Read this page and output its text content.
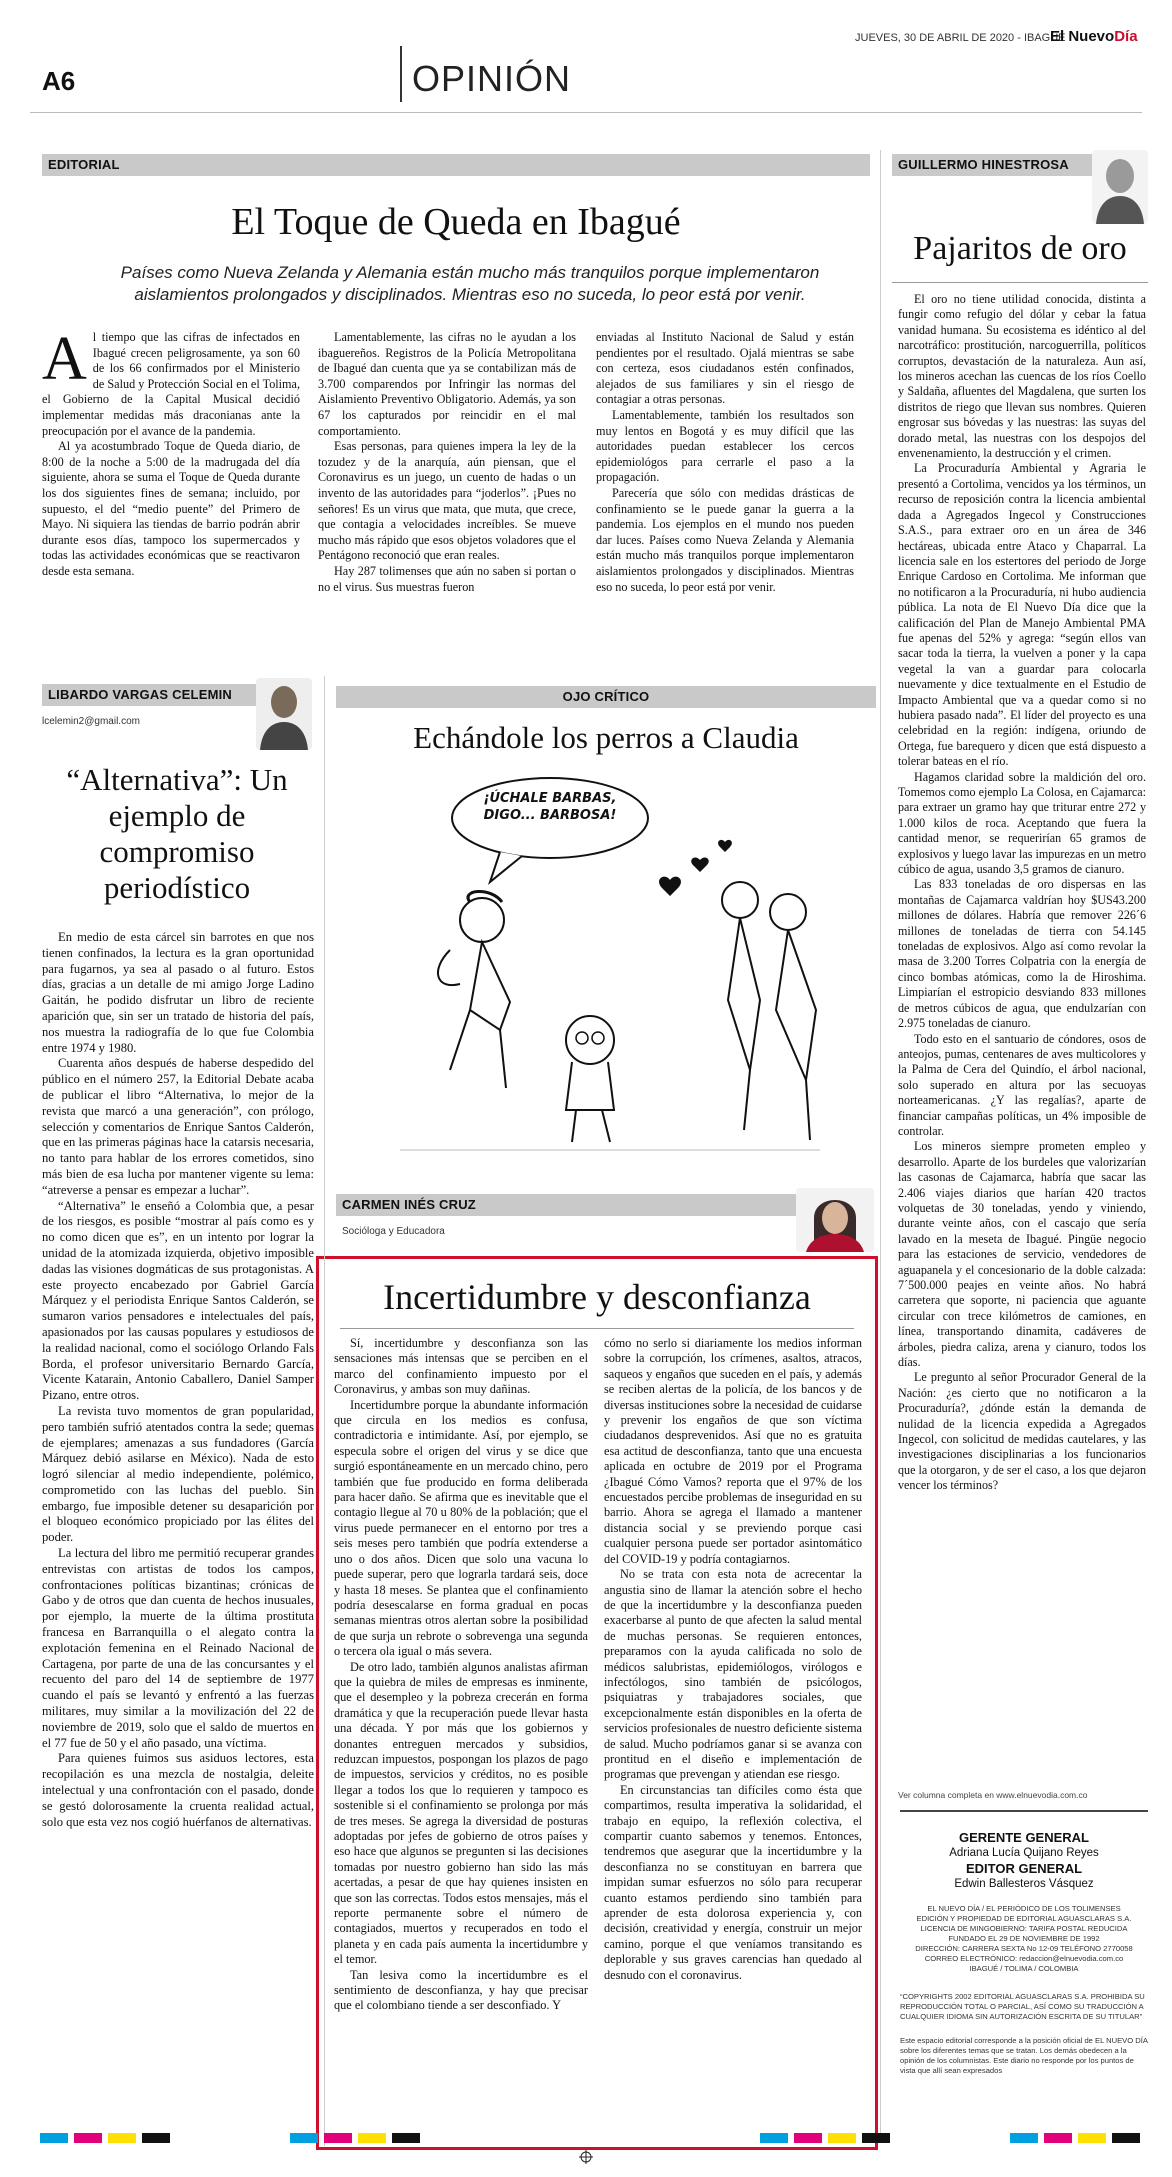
JUEVES, 30 DE ABRIL DE 2020 - IBAGUÉ
El NuevoDía
A6	OPINIÓN
EDITORIAL
El Toque de Queda en Ibagué
Países como Nueva Zelanda y Alemania están mucho más tranquilos porque implementaron aislamientos prolongados y disciplinados. Mientras eso no suceda, lo peor está por venir.

Al tiempo que las cifras de infectados en Ibagué crecen peligrosamente, ya son 60 de los 66 confirmados por el Ministerio de Salud y Protección Social en el Tolima, el Gobierno de la Capital Musical decidió implementar medidas más draconianas ante la preocupación por el avance de la pandemia.

Al ya acostumbrado Toque de Queda diario, de 8:00 de la noche a 5:00 de la madrugada del día siguiente, ahora se suma el Toque de Queda durante los dos siguientes fines de semana; incluido, por supuesto, el del “medio puente” del Primero de Mayo. Ni siquiera las tiendas de barrio podrán abrir durante esos días, tampoco los supermercados y todas las actividades económicas que se reactivaron desde esta semana.

Lamentablemente, las cifras no le ayudan a los ibaguereños. Registros de la Policía Metropolitana de Ibagué dan cuenta que ya se contabilizan más de 3.700 comparendos por Infringir las normas del Aislamiento Preventivo Obligatorio. Además, ya son 67 los capturados por reincidir en el mal comportamiento.

Esas personas, para quienes impera la ley de la tozudez y de la anarquía, aún piensan, que el Coronavirus es un juego, un cuento de hadas o un invento de las autoridades para “joderlos”. ¡Pues no señores! Es un virus que mata, que muta, que crece, que contagia a velocidades increíbles. Se mueve mucho más rápido que esos objetos voladores que el Pentágono reconoció que eran reales.

Hay 287 tolimenses que aún no saben si portan o no el virus. Sus muestras fueron

enviadas al Instituto Nacional de Salud y están pendientes por el resultado. Ojalá mientras se sabe con certeza, esos ciudadanos estén confinados, alejados de sus familiares y sin el riesgo de contagiar a otras personas.

Lamentablemente, también los resultados son muy lentos en Bogotá y es muy difícil que las autoridades puedan establecer los cercos epidemiológos para cerrarle el paso a la propagación.

Parecería que sólo con medidas drásticas de confinamiento se le puede ganar la guerra a la pandemia. Los ejemplos en el mundo nos pueden dar luces. Países como Nueva Zelanda y Alemania están mucho más tranquilos porque implementaron aislamientos prolongados y disciplinados. Mientras eso no suceda, lo peor está por venir.

GUILLERMO HINESTROSA
Pajaritos de oro

El oro no tiene utilidad conocida, distinta a fungir como refugio del dólar y cebar la fatua vanidad humana. Su ecosistema es idéntico al del narcotráfico: prostitución, narcoguerrilla, políticos corruptos, devastación de la naturaleza. Aun así, los mineros acechan las cuencas de los ríos Coello y Saldaña, afluentes del Magdalena, que surten los distritos de riego que llevan sus nombres. Quieren engrosar sus bóvedas y las nuestras: las suyas del dorado metal, las nuestras con los despojos del envenenamiento, la destrucción y el crimen.

La Procuraduría Ambiental y Agraria le presentó a Cortolima, vencidos ya los términos, un recurso de reposición contra la licencia ambiental dada a Agregados Ingecol y Construcciones S.A.S., para extraer oro en un área de 346 hectáreas, ubicada entre Ataco y Chaparral. La licencia sale en los estertores del periodo de Jorge Enrique Cardoso en Cortolima. Me informan que no notificaron a la Procuraduría, ni hubo audiencia pública. La nota de El Nuevo Día dice que la calificación del Plan de Manejo Ambiental PMA fue apenas del 52% y agrega: “según ellos van sacar toda la tierra, la vuelven a poner y la capa vegetal la van a guardar para colocarla nuevamente y dice textualmente en el Estudio de Impacto Ambiental que va a quedar como si no hubiera pasado nada”. El líder del proyecto es una celebridad en la región: indígena, oriundo de Ortega, fue barequero y dicen que está dispuesto a tolerar bateas en el río.

Hagamos claridad sobre la maldición del oro. Tomemos como ejemplo La Colosa, en Cajamarca: para extraer un gramo hay que triturar entre 272 y 1.000 kilos de roca. Aceptando que fuera la cantidad menor, se requerirían 65 gramos de explosivos y luego lavar las impurezas en un metro cúbico de agua, usando 3,5 gramos de cianuro.

Las 833 toneladas de oro dispersas en las montañas de Cajamarca valdrían hoy $US43.200 millones de dólares. Habría que remover 226´6 millones de toneladas de tierra con 54.145 toneladas de explosivos. Algo así como revolar la masa de 3.200 Torres Colpatria con la energía de cinco bombas atómicas, como la de Hiroshima. Limpiarían el estropicio desviando 833 millones de metros cúbicos de agua, que endulzarían con 2.975 toneladas de cianuro.

Todo esto en el santuario de cóndores, osos de anteojos, pumas, centenares de aves multicolores y la Palma de Cera del Quindío, el árbol nacional, solo superado en altura por las secuoyas norteamericanas. ¿Y las regalías?, aparte de financiar campañas políticas, un 4% imposible de controlar.

Los mineros siempre prometen empleo y desarrollo. Aparte de los burdeles que valorizarían las casonas de Cajamarca, habría que sacar las 2.406 viajes diarios que harían 420 tractos volquetas de 30 toneladas, yendo y viniendo, durante veinte años, con el cascajo que sería lavado en la meseta de Ibagué. Pingüe negocio para las estaciones de servicio, vendedores de aguapanela y el concesionario de la doble calzada: 7´500.000 peajes en veinte años. No habrá carretera que soporte, ni paciencia que aguante circular con trece kilómetros de camiones, en línea, transportando dinamita, cadáveres de árboles, piedra caliza, arena y cianuro, todos los días.

Le pregunto al señor Procurador General de la Nación: ¿es cierto que no notificaron a la Procuraduría?, ¿dónde están la demanda de nulidad de la licencia expedida a Agregados Ingecol, con solicitud de medidas cautelares, y las investigaciones disciplinarias a los funcionarios que la otorgaron, y de ser el caso, a los que dejaron vencer los términos?

Ver columna completa en www.elnuevodia.com.co
GERENTE GENERAL
Adriana Lucía Quijano Reyes
EDITOR GENERAL
Edwin Ballesteros Vásquez
EL NUEVO DÍA / EL PERIÓDICO DE LOS TOLIMENSES
EDICIÓN Y PROPIEDAD DE EDITORIAL AGUASCLARAS S.A.
LICENCIA DE MINGOBIERNO: TARIFA POSTAL REDUCIDA
FUNDADO EL 29 DE NOVIEMBRE DE 1992
DIRECCIÓN: CARRERA SEXTA No 12-09 TELÉFONO 2770058
CORREO ELECTRÓNICO: redaccion@elnuevodia.com.co
IBAGUÉ / TOLIMA / COLOMBIA
“COPYRIGHTS 2002 EDITORIAL AGUASCLARAS S.A. PROHIBIDA SU REPRODUCCIÓN TOTAL O PARCIAL, ASÍ COMO SU TRADUCCIÓN A CUALQUIER IDIOMA SIN AUTORIZACIÓN ESCRITA DE SU TITULAR”
Este espacio editorial corresponde a la posición oficial de EL NUEVO DÍA sobre los diferentes temas que se tratan. Los demás obedecen a la opinión de los columnistas. Este diario no responde por los puntos de vista que allí sean expresados
LIBARDO VARGAS CELEMIN
lcelemin2@gmail.com
“Alternativa”: Un ejemplo de compromiso periodístico

En medio de esta cárcel sin barrotes en que nos tienen confinados, la lectura es la gran oportunidad para fugarnos, ya sea al pasado o al futuro. Estos días, gracias a un detalle de mi amigo Jorge Ladino Gaitán, he podido disfrutar un libro de reciente aparición que, sin ser un tratado de historia del país, nos muestra la radiografía de lo que fue Colombia entre 1974 y 1980.

Cuarenta años después de haberse despedido del público en el número 257, la Editorial Debate acaba de publicar el libro “Alternativa, lo mejor de la revista que marcó a una generación”, con prólogo, selección y comentarios de Enrique Santos Calderón, que en las primeras páginas hace la catarsis necesaria, no tanto para hablar de los errores cometidos, sino más bien de esa lucha por mantener vigente su lema: “atreverse a pensar es empezar a luchar”.

“Alternativa” le enseñó a Colombia que, a pesar de los riesgos, es posible “mostrar al país como es y no como dicen que es”, en un intento por lograr la unidad de la atomizada izquierda, objetivo imposible dadas las visiones dogmáticas de sus protagonistas. A este proyecto encabezado por Gabriel García Márquez y el periodista Enrique Santos Calderón, se sumaron varios pensadores e intelectuales del país, apasionados por las causas populares y estudiosos de la realidad nacional, como el sociólogo Orlando Fals Borda, el profesor universitario Bernardo García, Vicente Katarain, Antonio Caballero, Daniel Samper Pizano, entre otros.

La revista tuvo momentos de gran popularidad, pero también sufrió atentados contra la sede; quemas de ejemplares; amenazas a sus fundadores (García Márquez debió asilarse en México). Nada de esto logró silenciar al medio independiente, polémico, comprometido con las luchas del pueblo. Sin embargo, fue imposible detener su desaparición por el bloqueo económico propiciado por las élites del poder.

La lectura del libro me permitió recuperar grandes entrevistas con artistas de todos los campos, confrontaciones políticas bizantinas; crónicas de Gabo y de otros que dan cuenta de hechos inusuales, por ejemplo, la muerte de la última prostituta francesa en Barranquilla o el alegato contra la explotación femenina en el Reinado Nacional de Cartagena, por parte de una de las concursantes y el recuento del paro del 14 de septiembre de 1977 cuando el país se levantó y enfrentó a las fuerzas militares, muy similar a la movilización del 22 de noviembre de 2019, solo que el saldo de muertos en el 77 fue de 50 y el año pasado, una víctima.

Para quienes fuimos sus asiduos lectores, esta recopilación es una mezcla de nostalgia, deleite intelectual y una confrontación con el pasado, donde se gestó dolorosamente la cruenta realidad actual, solo que esta vez nos cogió huérfanos de alternativas.

OJO CRÍTICO
Echándole los perros a Claudia
¡ÚCHALE BARBAS, DIGO... BARBOSA!
CARMEN INÉS CRUZ
Socióloga y Educadora
Incertidumbre y desconfianza

Sí, incertidumbre y desconfianza son las sensaciones más intensas que se perciben en el marco del confinamiento impuesto por el Coronavirus, y ambas son muy dañinas.

Incertidumbre porque la abundante información que circula en los medios es confusa, contradictoria e intimidante. Así, por ejemplo, se especula sobre el origen del virus y se dice que surgió espontáneamente en un mercado chino, pero también que fue producido en forma deliberada para hacer daño. Se afirma que es inevitable que el contagio llegue al 70 u 80% de la población; que el virus puede permanecer en el entorno por tres a seis meses pero también que podría extenderse a uno o dos años. Dicen que solo una vacuna lo puede superar, pero que lograrla tardará seis, doce y hasta 18 meses. Se plantea que el confinamiento podría desescalarse en forma gradual en pocas semanas mientras otros alertan sobre la posibilidad de que surja un rebrote o sobrevenga una segunda o tercera ola igual o más severa.

De otro lado, también algunos analistas afirman que la quiebra de miles de empresas es inminente, que el desempleo y la pobreza crecerán en forma dramática y que la recuperación puede llevar hasta una década. Y por más que los gobiernos y donantes entreguen mercados y subsidios, reduzcan impuestos, pospongan los plazos de pago de impuestos, servicios y créditos, no es posible llegar a todos los que lo requieren y tampoco es sostenible si el confinamiento se prolonga por más de tres meses. Se agrega la diversidad de posturas adoptadas por jefes de gobierno de otros países y eso hace que algunos se pregunten si las decisiones tomadas por nuestro gobierno han sido las más acertadas, a pesar de que hay quienes insisten en que son las correctas. Todos estos mensajes, más el reporte permanente sobre el número de contagiados, muertos y recuperados en todo el planeta y en cada país aumenta la incertidumbre y el temor.

Tan lesiva como la incertidumbre es el sentimiento de desconfianza, y hay que precisar que el colombiano tiende a ser desconfiado. Y

cómo no serlo si diariamente los medios informan sobre la corrupción, los crímenes, asaltos, atracos, saqueos y engaños que suceden en el país, y además se reciben alertas de la policía, de los bancos y de diversas instituciones sobre la necesidad de cuidarse y prevenir los engaños de que son víctima ciudadanos desprevenidos. Así que no es gratuita esa actitud de desconfianza, tanto que una encuesta aplicada en octubre de 2019 por el Programa ¿Ibagué Cómo Vamos? reporta que el 97% de los encuestados percibe problemas de inseguridad en su barrio. Ahora se agrega el llamado a mantener distancia social y se previendo porque casi cualquier persona puede ser portador asintomático del COVID-19 y podría contagiarnos.

No se trata con esta nota de acrecentar la angustia sino de llamar la atención sobre el hecho de que la incertidumbre y la desconfianza pueden exacerbarse al punto de que afecten la salud mental de muchas personas. Se requieren entonces, preparamos con la ayuda calificada no solo de médicos salubristas, epidemiólogos, virólogos e infectólogos, sino también de psicólogos, psiquiatras y trabajadores sociales, que excepcionalmente están disponibles en la oferta de servicios profesionales de nuestro deficiente sistema de salud. Mucho podríamos ganar si se avanza con prontitud en el diseño e implementación de programas que prevengan y atiendan ese riesgo.

En circunstancias tan difíciles como ésta que compartimos, resulta imperativa la solidaridad, el trabajo en equipo, la reflexión colectiva, el compartir cuanto sabemos y tenemos. Entonces, tendremos que asegurar que la incertidumbre y la desconfianza no se constituyan en barrera que impidan sumar esfuerzos no sólo para recuperar cuanto estamos perdiendo sino también para aprender de esta dolorosa experiencia y, con decisión, creatividad y energía, construir un mejor camino, porque el que veníamos transitando es deplorable y sus graves carencias han quedado al desnudo con el coronavirus.
